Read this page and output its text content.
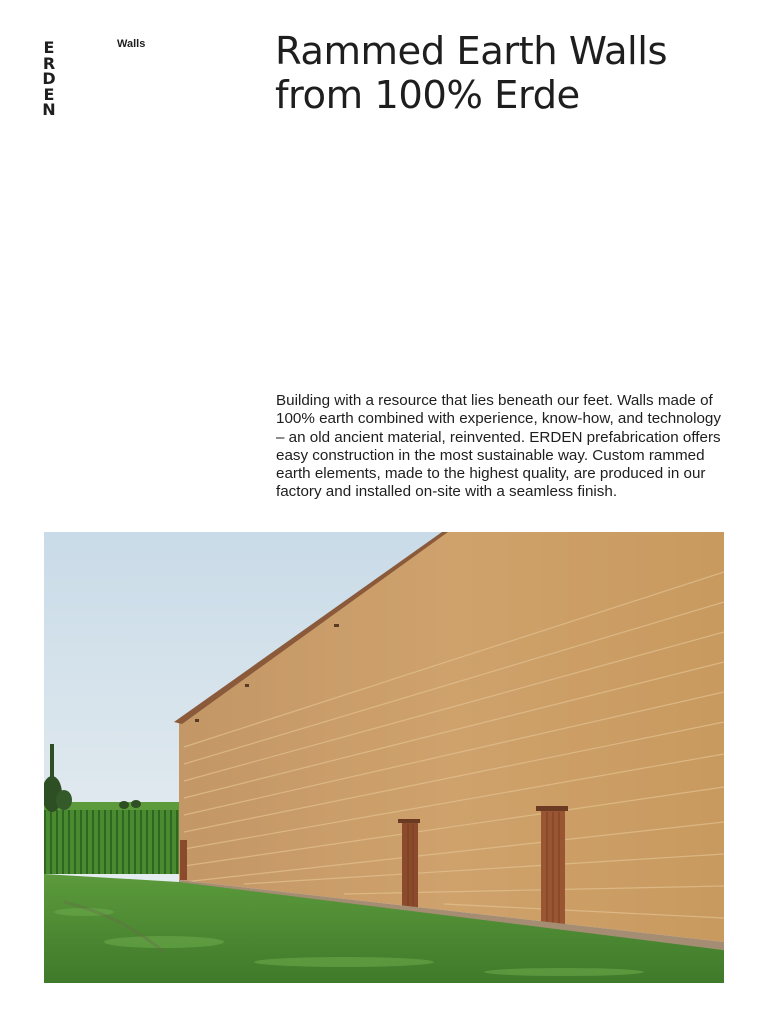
E
R
D
E
N
Walls	Rammed Earth Walls from 100% Erde

Building with a resource that lies beneath our feet. Walls made of 100% earth combined with experience, know-how, and technology – an old ancient material, reinvented. ERDEN prefabrication offers easy construction in the most sustainable way. Custom rammed earth elements, made to the highest quality, are produced in our factory and installed on-site with a seamless finish.
